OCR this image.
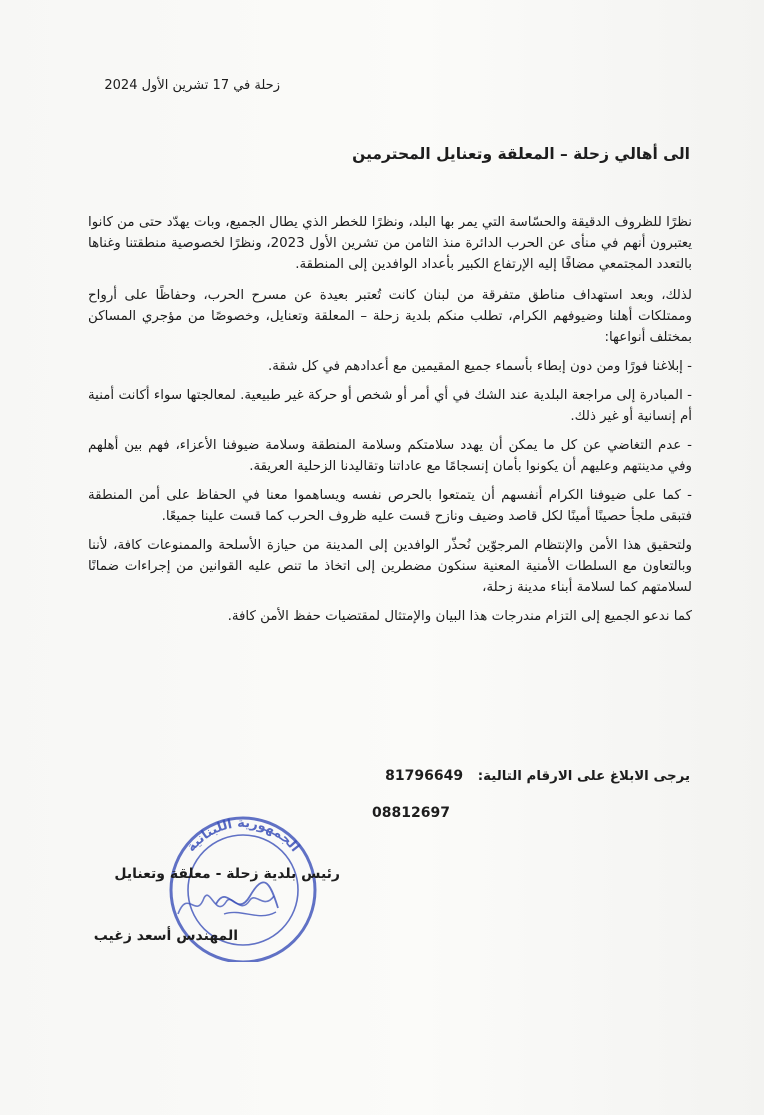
زحلة في 17 تشرين الأول 2024
الى أهالي زحلة – المعلقة وتعنايل المحترمين

نظرًا للظروف الدقيقة والحسّاسة التي يمر بها البلد، ونظرًا للخطر الذي يطال الجميع، وبات يهدّد حتى من كانوا يعتبرون أنهم في منأى عن الحرب الدائرة منذ الثامن من تشرين الأول 2023، ونظرًا لخصوصية منطقتنا وغناها بالتعدد المجتمعي مضافًا إليه الإرتفاع الكبير بأعداد الوافدين إلى المنطقة.

لذلك، وبعد استهداف مناطق متفرقة من لبنان كانت تُعتبر بعيدة عن مسرح الحرب، وحفاظًا على أرواح وممتلكات أهلنا وضيوفهم الكرام، تطلب منكم بلدية زحلة – المعلقة وتعنايل، وخصوصًا من مؤجري المساكن بمختلف أنواعها:

- إبلاغنا فورًا ومن دون إبطاء بأسماء جميع المقيمين مع أعدادهم في كل شقة.

- المبادرة إلى مراجعة البلدية عند الشك في أي أمر أو شخص أو حركة غير طبيعية. لمعالجتها سواء أكانت أمنية أم إنسانية أو غير ذلك.

- عدم التغاضي عن كل ما يمكن أن يهدد سلامتكم وسلامة المنطقة وسلامة ضيوفنا الأعزاء، فهم بين أهلهم وفي مدينتهم وعليهم أن يكونوا بأمان إنسجامًا مع عاداتنا وتقاليدنا الزحلية العريقة.

- كما على ضيوفنا الكرام أنفسهم أن يتمتعوا بالحرص نفسه ويساهموا معنا في الحفاظ على أمن المنطقة فتبقى ملجأ حصينًا أمينًا لكل قاصد وضيف ونازح قست عليه ظروف الحرب كما قست علينا جميعًا.

ولتحقيق هذا الأمن والإنتظام المرجوّين نُحذّر الوافدين إلى المدينة من حيازة الأسلحة والممنوعات كافة، لأننا وبالتعاون مع السلطات الأمنية المعنية سنكون مضطرين إلى اتخاذ ما تنص عليه القوانين من إجراءات ضمانًا لسلامتهم كما لسلامة أبناء مدينة زحلة،

كما ندعو الجميع إلى التزام مندرجات هذا البيان والإمتثال لمقتضيات حفظ الأمن كافة.

يرجى الابلاغ على الارقام التالية: 81796649
08812697
الجمهورية اللبنانية
رئيس بلدية زحلة - معلقة وتعنايل
المهندس أسعد زغيب
